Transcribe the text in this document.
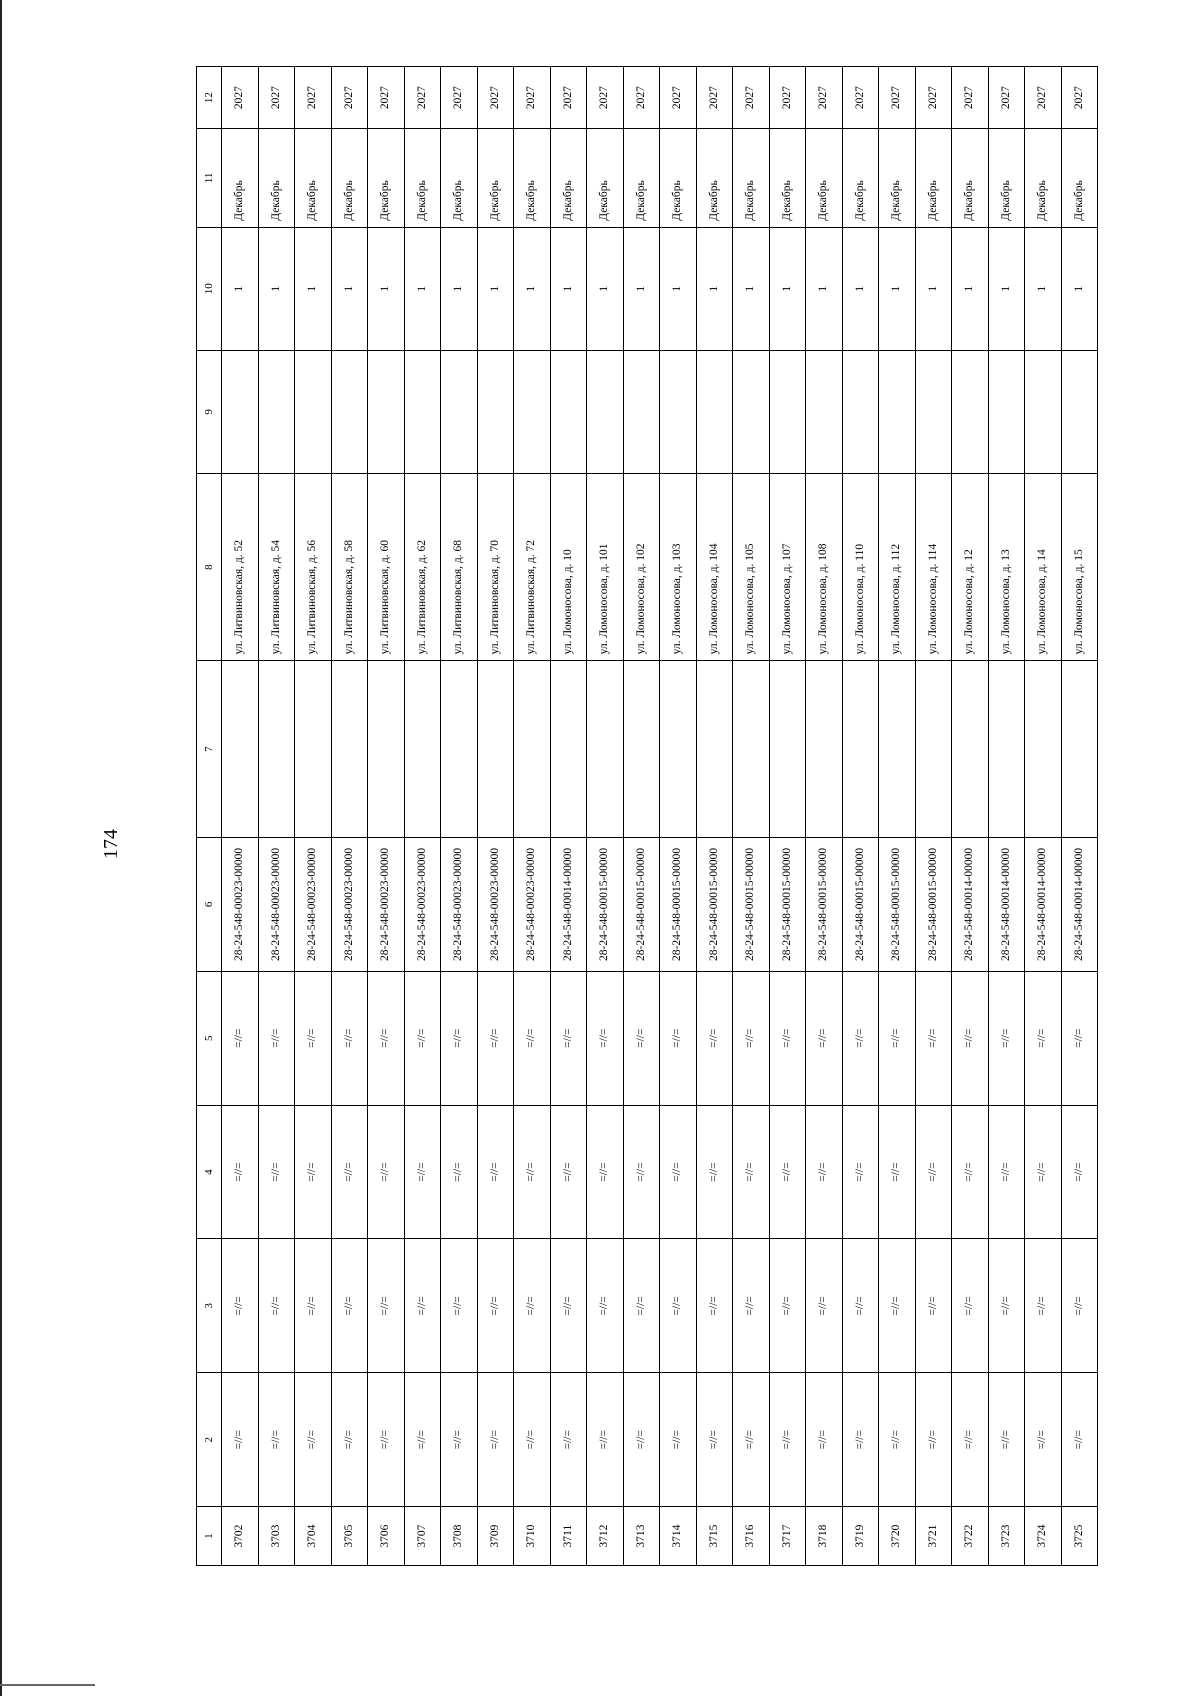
174
1	2	3	4	5	6	7	8	9	10	11	12
3702	=//=	=//=	=//=	=//=	28-24-548-00023-00000		ул. Литвиновская, д. 52		1	Декабрь	2027
3703	=//=	=//=	=//=	=//=	28-24-548-00023-00000		ул. Литвиновская, д. 54		1	Декабрь	2027
3704	=//=	=//=	=//=	=//=	28-24-548-00023-00000		ул. Литвиновская, д. 56		1	Декабрь	2027
3705	=//=	=//=	=//=	=//=	28-24-548-00023-00000		ул. Литвиновская, д. 58		1	Декабрь	2027
3706	=//=	=//=	=//=	=//=	28-24-548-00023-00000		ул. Литвиновская, д. 60		1	Декабрь	2027
3707	=//=	=//=	=//=	=//=	28-24-548-00023-00000		ул. Литвиновская, д. 62		1	Декабрь	2027
3708	=//=	=//=	=//=	=//=	28-24-548-00023-00000		ул. Литвиновская, д. 68		1	Декабрь	2027
3709	=//=	=//=	=//=	=//=	28-24-548-00023-00000		ул. Литвиновская, д. 70		1	Декабрь	2027
3710	=//=	=//=	=//=	=//=	28-24-548-00023-00000		ул. Литвиновская, д. 72		1	Декабрь	2027
3711	=//=	=//=	=//=	=//=	28-24-548-00014-00000		ул. Ломоносова, д. 10		1	Декабрь	2027
3712	=//=	=//=	=//=	=//=	28-24-548-00015-00000		ул. Ломоносова, д. 101		1	Декабрь	2027
3713	=//=	=//=	=//=	=//=	28-24-548-00015-00000		ул. Ломоносова, д. 102		1	Декабрь	2027
3714	=//=	=//=	=//=	=//=	28-24-548-00015-00000		ул. Ломоносова, д. 103		1	Декабрь	2027
3715	=//=	=//=	=//=	=//=	28-24-548-00015-00000		ул. Ломоносова, д. 104		1	Декабрь	2027
3716	=//=	=//=	=//=	=//=	28-24-548-00015-00000		ул. Ломоносова, д. 105		1	Декабрь	2027
3717	=//=	=//=	=//=	=//=	28-24-548-00015-00000		ул. Ломоносова, д. 107		1	Декабрь	2027
3718	=//=	=//=	=//=	=//=	28-24-548-00015-00000		ул. Ломоносова, д. 108		1	Декабрь	2027
3719	=//=	=//=	=//=	=//=	28-24-548-00015-00000		ул. Ломоносова, д. 110		1	Декабрь	2027
3720	=//=	=//=	=//=	=//=	28-24-548-00015-00000		ул. Ломоносова, д. 112		1	Декабрь	2027
3721	=//=	=//=	=//=	=//=	28-24-548-00015-00000		ул. Ломоносова, д. 114		1	Декабрь	2027
3722	=//=	=//=	=//=	=//=	28-24-548-00014-00000		ул. Ломоносова, д. 12		1	Декабрь	2027
3723	=//=	=//=	=//=	=//=	28-24-548-00014-00000		ул. Ломоносова, д. 13		1	Декабрь	2027
3724	=//=	=//=	=//=	=//=	28-24-548-00014-00000		ул. Ломоносова, д. 14		1	Декабрь	2027
3725	=//=	=//=	=//=	=//=	28-24-548-00014-00000		ул. Ломоносова, д. 15		1	Декабрь	2027
